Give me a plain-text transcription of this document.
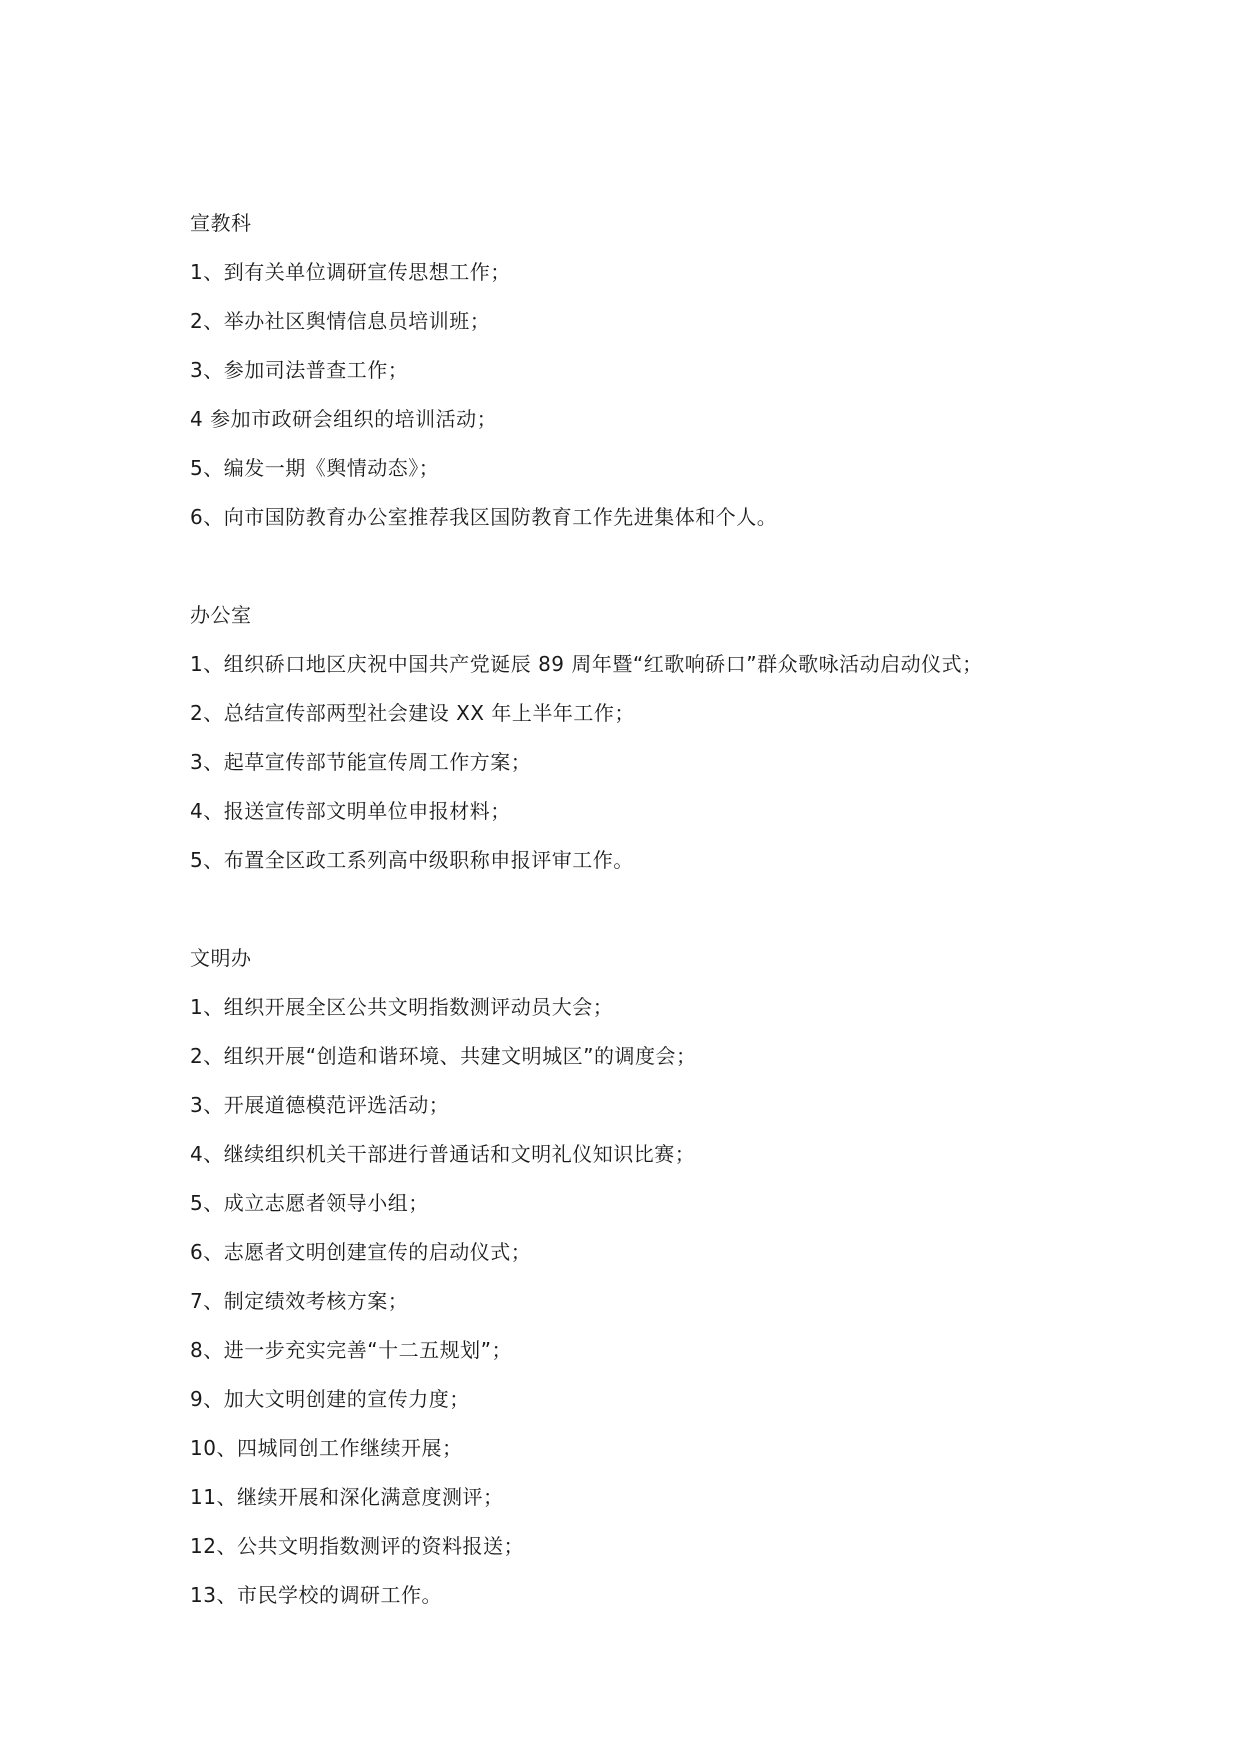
宣教科
1、到有关单位调研宣传思想工作；
2、举办社区舆情信息员培训班；
3、参加司法普查工作；
4 参加市政研会组织的培训活动；
5、编发一期《舆情动态》；
6、向市国防教育办公室推荐我区国防教育工作先进集体和个人。
办公室
1、组织硚口地区庆祝中国共产党诞辰 89 周年暨“红歌响硚口”群众歌咏活动启动仪式；
2、总结宣传部两型社会建设 XX 年上半年工作；
3、起草宣传部节能宣传周工作方案；
4、报送宣传部文明单位申报材料；
5、布置全区政工系列高中级职称申报评审工作。
文明办
1、组织开展全区公共文明指数测评动员大会；
2、组织开展“创造和谐环境、共建文明城区”的调度会；
3、开展道德模范评选活动；
4、继续组织机关干部进行普通话和文明礼仪知识比赛；
5、成立志愿者领导小组；
6、志愿者文明创建宣传的启动仪式；
7、制定绩效考核方案；
8、进一步充实完善“十二五规划”；
9、加大文明创建的宣传力度；
10、四城同创工作继续开展；
11、继续开展和深化满意度测评；
12、公共文明指数测评的资料报送；
13、市民学校的调研工作。
